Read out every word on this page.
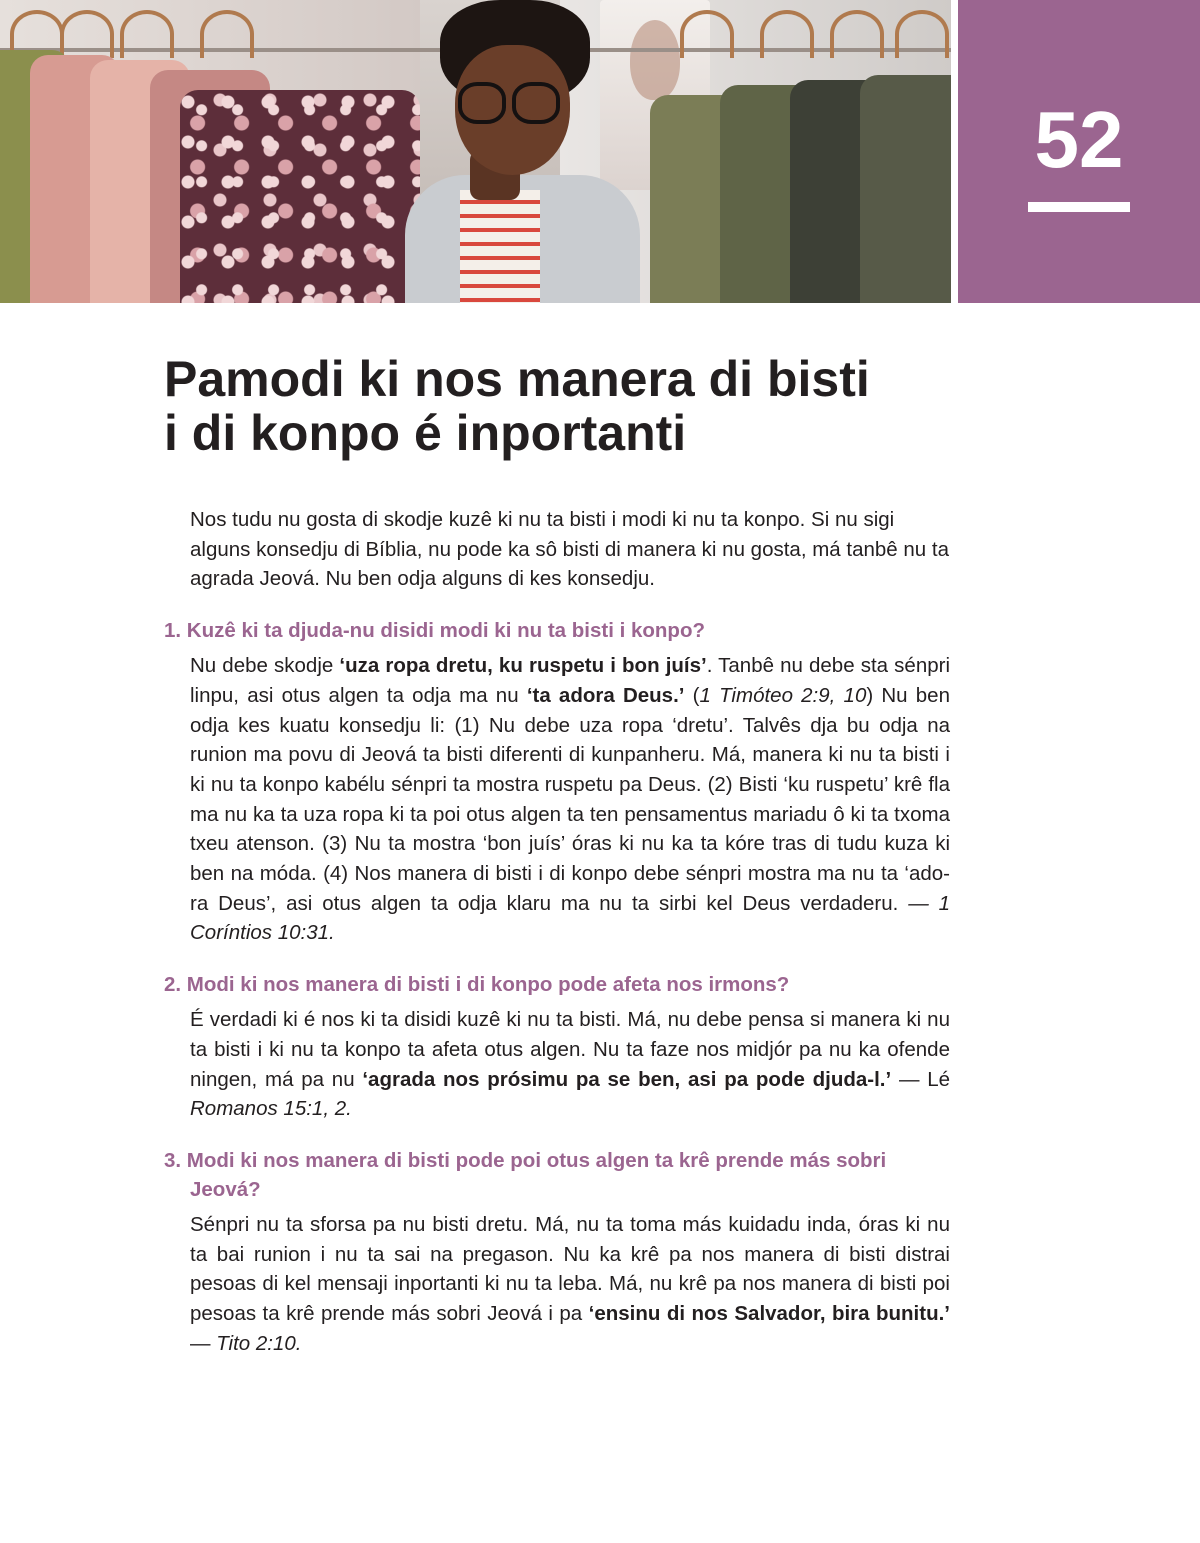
52
Pamodi ki nos manera di bisti
i di konpo é inportanti

Nos tudu nu gosta di skodje kuzê ki nu ta bisti i modi ki nu ta konpo. Si nu sigi alguns konsedju di Bíblia, nu pode ka sô bisti di manera ki nu gosta, má tanbê nu ta agrada Jeová. Nu ben odja alguns di kes konsedju.

1. Kuzê ki ta djuda-nu disidi modi ki nu ta bisti i konpo?

Nu debe skodje ‘uza ropa dretu, ku ruspetu i bon juís’. Tanbê nu debe sta sénpri linpu, asi otus algen ta odja ma nu ‘ta adora Deus.’ (1 Timóteo 2:9, 10) Nu ben odja kes kuatu konsedju li: (1) Nu debe uza ropa ‘dretu’. Talvês dja bu odja na runion ma povu di Jeová ta bisti diferenti di kunpanheru. Má, manera ki nu ta bisti i ki nu ta konpo kabélu sénpri ta mostra ruspetu pa Deus. (2) Bisti ‘ku ruspetu’ krê fla ma nu ka ta uza ropa ki ta poi otus algen ta ten pensamentus mariadu ô ki ta txoma txeu atenson. (3) Nu ta mostra ‘bon juís’ óras ki nu ka ta kóre tras di tudu kuza ki ben na móda. (4) Nos manera di bisti i di konpo debe sénpri mostra ma nu ta ‘adora Deus’, asi otus algen ta odja klaru ma nu ta sirbi kel Deus verdaderu. — 1 Coríntios 10:31.

2. Modi ki nos manera di bisti i di konpo pode afeta nos irmons?

É verdadi ki é nos ki ta disidi kuzê ki nu ta bisti. Má, nu debe pensa si manera ki nu ta bisti i ki nu ta konpo ta afeta otus algen. Nu ta faze nos midjór pa nu ka ofende ningen, má pa nu ‘agrada nos prósimu pa se ben, asi pa pode djuda-l.’ — Lé Romanos 15:1, 2.

3. Modi ki nos manera di bisti pode poi otus algen ta krê prende más sobri Jeová?

Sénpri nu ta sforsa pa nu bisti dretu. Má, nu ta toma más kuidadu inda, óras ki nu ta bai runion i nu ta sai na pregason. Nu ka krê pa nos manera di bisti distrai pesoas di kel mensaji inportanti ki nu ta leba. Má, nu krê pa nos manera di bisti poi pesoas ta krê prende más sobri Jeová i pa ‘ensinu di nos Salvador, bira bunitu.’ — Tito 2:10.
